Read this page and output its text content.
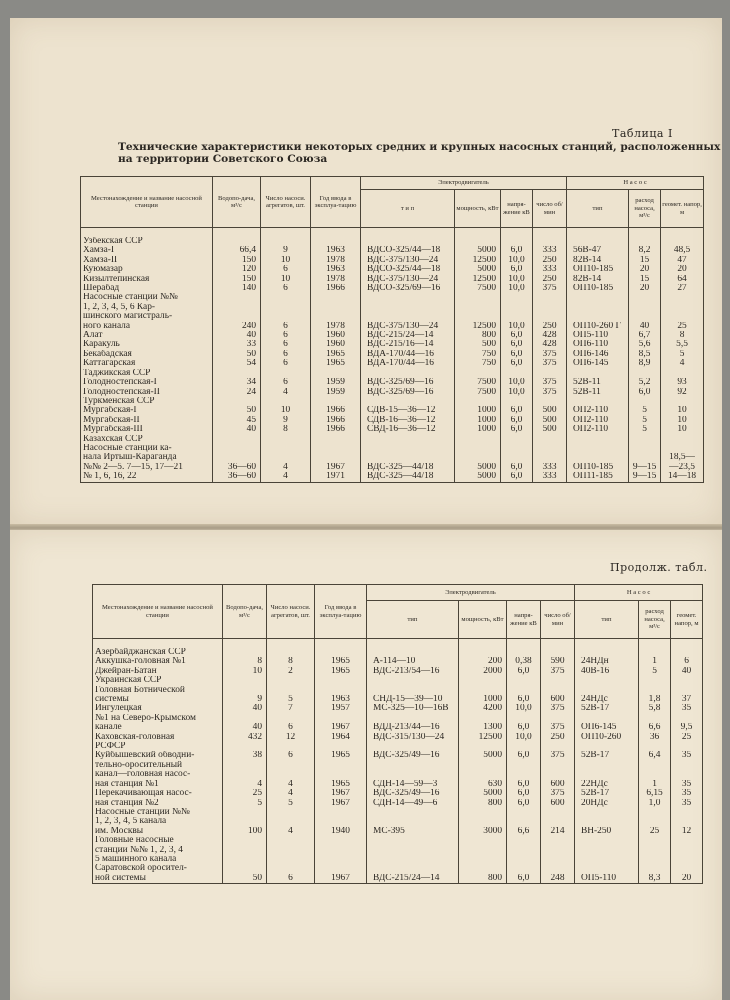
Таблица I
Технические характеристики некоторых средних и крупных насосных станций, расположенных
на территории Советского Союза
Местонахождение и название насосной станции	Водопо-дача, м³/с	Число насоси. агрегатов, шт.	Год ввода в эксплуа-тацию	Электродвигатель				Н а с о с		
				т и п	мощность, кВт	напря-жение кВ	число об/мин	тип	расход насоса, м³/с	геомет. напор, м

Узбекская ССР										
Хамза-I	66,4	9	1963	ВДСО-325/44—18	5000	6,0	333	56В-47	8,2	48,5
Хамза-II	150	10	1978	ВДС-375/130—24	12500	10,0	250	82В-14	15	47
Куюмазар	120	6	1963	ВДСО-325/44—18	5000	6,0	333	ОП10-185	20	20
Кизылтепинская	150	10	1978	ВДС-375/130—24	12500	10,0	250	82В-14	15	64
Шерабад	140	6	1966	ВДСО-325/69—16	7500	10,0	375	ОП10-185	20	27
Насосные станции №№										
1, 2, 3, 4, 5, 6 Кар-										
шинского магистраль-										
ного канала	240	6	1978	ВДС-375/130—24	12500	10,0	250	ОП10-260 Г	40	25
Алат	40	6	1960	ВДС-215/24—14	800	6,0	428	ОП5-110	6,7	8
Каракуль	33	6	1960	ВДС-215/16—14	500	6,0	428	ОП6-110	5,6	5,5
Бекабадская	50	6	1965	ВДА-170/44—16	750	6,0	375	ОП6-146	8,5	5
Каттагарская	54	6	1965	ВДА-170/44—16	750	6,0	375	ОП6-145	8,9	4
Таджикская ССР										
Голодностепская-I	34	6	1959	ВДС-325/69—16	7500	10,0	375	52В-11	5,2	93
Голодностепская-II	24	4	1959	ВДС-325/69—16	7500	10,0	375	52В-11	6,0	92
Туркменская ССР										
Мургабская-I	50	10	1966	СДВ-15—36—12	1000	6,0	500	ОП2-110	5	10
Мургабская-II	45	9	1966	СДВ-16—36—12	1000	6,0	500	ОП2-110	5	10
Мургабская-III	40	8	1966	СВД-16—36—12	1000	6,0	500	ОП2-110	5	10
Казахская ССР										
Насосные станции ка-										
нала Иртыш-Караганда										18,5—
№№ 2—5. 7—15, 17—21	36—60	4	1967	ВДС-325—44/18	5000	6,0	333	ОП10-185	9—15	—23,5
№ 1, 6, 16, 22	36—60	4	1971	ВДС-325—44/18	5000	6,0	333	ОП11-185	9—15	14—18
Продолж. табл.
Местонахождение и название насосной станции	Водопо-дача, м³/с	Число насоси. агрегатов, шт.	Год ввода в эксплуа-тацию	Электродвигатель				Н а с о с		
				тип	мощность, кВт	напря-жение кВ	число об/мин	тип	расход насоса, м³/с	геомет. напор, м

Азербайджанская ССР										
Аккушка-головная №1	8	8	1965	А-114—10	200	0,38	590	24НДн	1	6
Джейран-Батан	10	2	1965	ВДС-213/54—16	2000	6,0	375	40В-16	5	40
Украинская ССР										
Головная Ботнической										
системы	9	5	1963	СНД-15—39—10	1000	6,0	600	24НДс	1,8	37
Ингулецкая	40	7	1957	МС-325—10—16В	4200	10,0	375	52В-17	5,8	35
№1 на Северо-Крымском										
канале	40	6	1967	ВДД-213/44—16	1300	6,0	375	ОП6-145	6,6	9,5
Каховская-головная	432	12	1964	ВДС-315/130—24	12500	10,0	250	ОП10-260	36	25
РСФСР										
Куйбышевский обводни-	38	6	1965	ВДС-325/49—16	5000	6,0	375	52В-17	6,4	35
тельно-оросительный										
канал—головная насос-										
ная станция №1	4	4	1965	СДН-14—59—3	630	6,0	600	22НДс	1	35
Перекачивающая насос-	25	4	1967	ВДС-325/49—16	5000	6,0	375	52В-17	6,15	35
ная станция №2	5	5	1967	СДН-14—49—6	800	6,0	600	20НДс	1,0	35
Насосные станции №№										
1, 2, 3, 4, 5 канала										
им. Москвы	100	4	1940	МС-395	3000	6,6	214	ВН-250	25	12
Головные насосные										
станции №№ 1, 2, 3, 4										
5 машинного канала										
Саратовской оросител-										
ной системы	50	6	1967	ВДС-215/24—14	800	6,0	248	ОП5-110	8,3	20
